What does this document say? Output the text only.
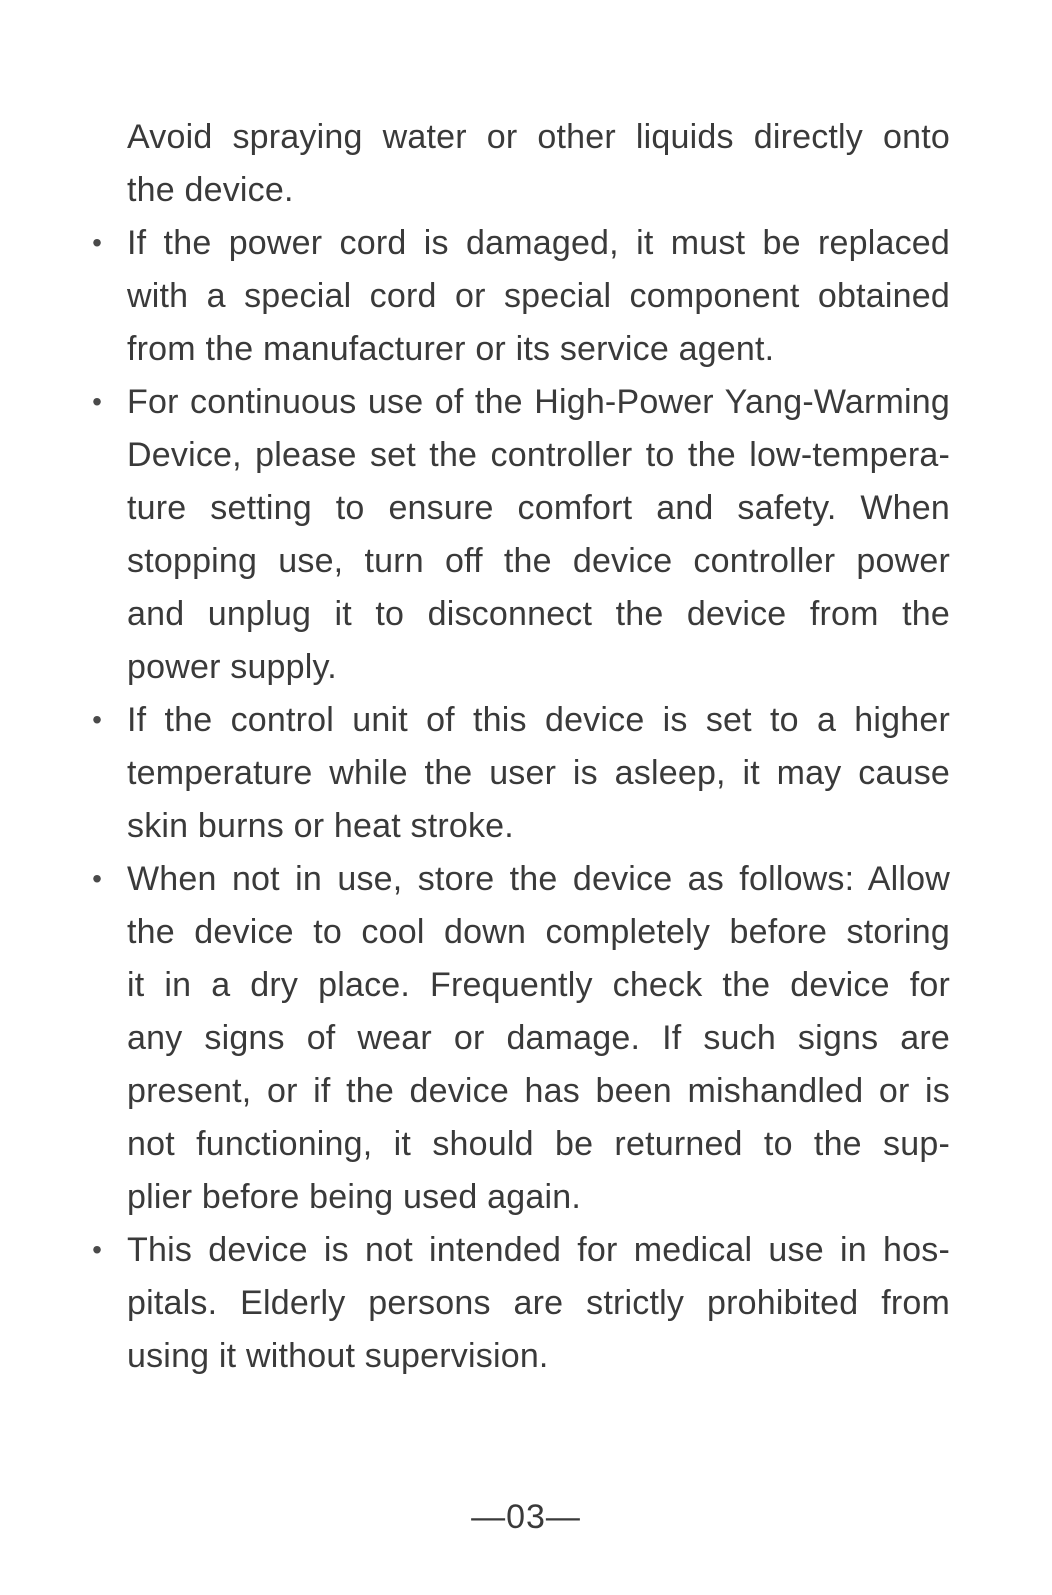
Avoid spraying water or other liquids directly onto
the device.
• If the power cord is damaged, it must be replaced
with a special cord or special component obtained
from the manufacturer or its service agent.
• For continuous use of the High-Power Yang-Warming
Device, please set the controller to the low-tempera-
ture setting to ensure comfort and safety. When
stopping use, turn off the device controller power
and unplug it to disconnect the device from the
power supply.
• If the control unit of this device is set to a higher
temperature while the user is asleep, it may cause
skin burns or heat stroke.
• When not in use, store the device as follows: Allow
the device to cool down completely before storing
it in a dry place. Frequently check the device for
any signs of wear or damage. If such signs are
present, or if the device has been mishandled or is
not functioning, it should be returned to the sup-
plier before being used again.
• This device is not intended for medical use in hos-
pitals. Elderly persons are strictly prohibited from
using it without supervision.
—03—
